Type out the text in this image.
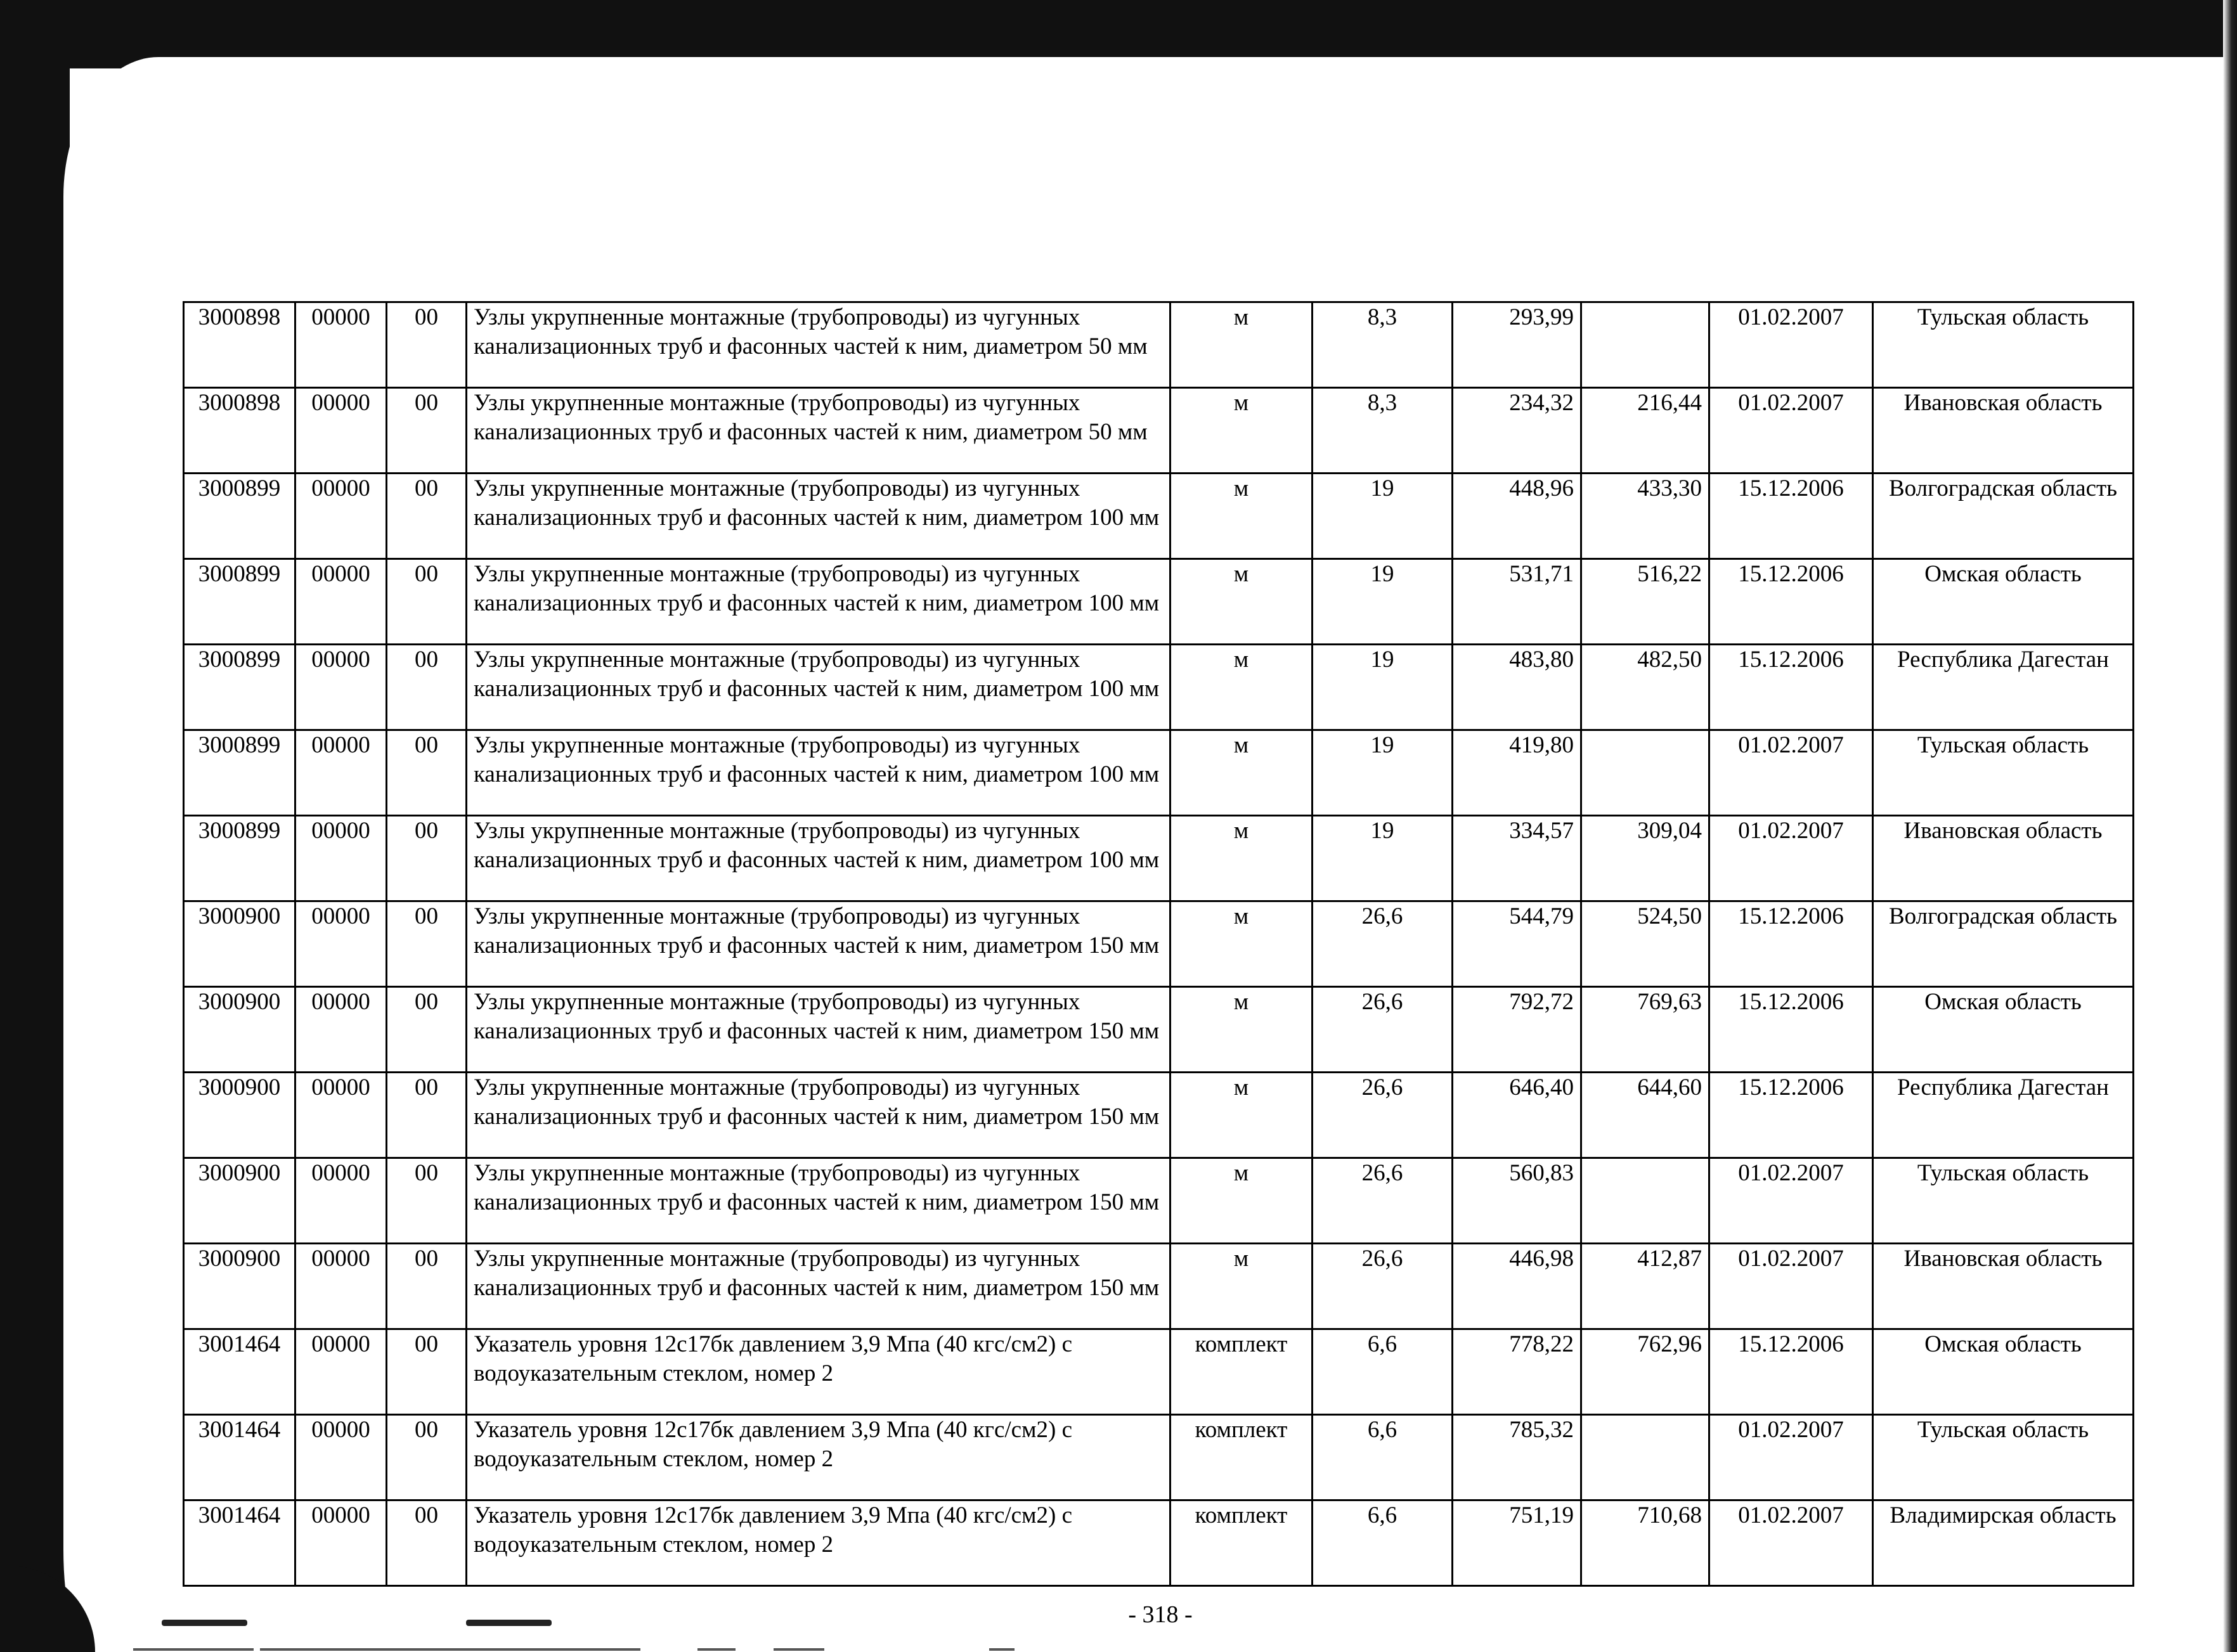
3000898	00000	00	Узлы укрупненные монтажные (трубопроводы) из чугунных канализационных труб и фасонных частей к ним, диаметром 50 мм	м	8,3	293,99		01.02.2007	Тульская область
3000898	00000	00	Узлы укрупненные монтажные (трубопроводы) из чугунных канализационных труб и фасонных частей к ним, диаметром 50 мм	м	8,3	234,32	216,44	01.02.2007	Ивановская область
3000899	00000	00	Узлы укрупненные монтажные (трубопроводы) из чугунных канализационных труб и фасонных частей к ним, диаметром 100 мм	м	19	448,96	433,30	15.12.2006	Волгоградская область
3000899	00000	00	Узлы укрупненные монтажные (трубопроводы) из чугунных канализационных труб и фасонных частей к ним, диаметром 100 мм	м	19	531,71	516,22	15.12.2006	Омская область
3000899	00000	00	Узлы укрупненные монтажные (трубопроводы) из чугунных канализационных труб и фасонных частей к ним, диаметром 100 мм	м	19	483,80	482,50	15.12.2006	Республика Дагестан
3000899	00000	00	Узлы укрупненные монтажные (трубопроводы) из чугунных канализационных труб и фасонных частей к ним, диаметром 100 мм	м	19	419,80		01.02.2007	Тульская область
3000899	00000	00	Узлы укрупненные монтажные (трубопроводы) из чугунных канализационных труб и фасонных частей к ним, диаметром 100 мм	м	19	334,57	309,04	01.02.2007	Ивановская область
3000900	00000	00	Узлы укрупненные монтажные (трубопроводы) из чугунных канализационных труб и фасонных частей к ним, диаметром 150 мм	м	26,6	544,79	524,50	15.12.2006	Волгоградская область
3000900	00000	00	Узлы укрупненные монтажные (трубопроводы) из чугунных канализационных труб и фасонных частей к ним, диаметром 150 мм	м	26,6	792,72	769,63	15.12.2006	Омская область
3000900	00000	00	Узлы укрупненные монтажные (трубопроводы) из чугунных канализационных труб и фасонных частей к ним, диаметром 150 мм	м	26,6	646,40	644,60	15.12.2006	Республика Дагестан
3000900	00000	00	Узлы укрупненные монтажные (трубопроводы) из чугунных канализационных труб и фасонных частей к ним, диаметром 150 мм	м	26,6	560,83		01.02.2007	Тульская область
3000900	00000	00	Узлы укрупненные монтажные (трубопроводы) из чугунных канализационных труб и фасонных частей к ним, диаметром 150 мм	м	26,6	446,98	412,87	01.02.2007	Ивановская область
3001464	00000	00	Указатель уровня 12с17бк давлением 3,9 Мпа (40 кгс/см2) с водоуказательным стеклом, номер 2	комплект	6,6	778,22	762,96	15.12.2006	Омская область
3001464	00000	00	Указатель уровня 12с17бк давлением 3,9 Мпа (40 кгс/см2) с водоуказательным стеклом, номер 2	комплект	6,6	785,32		01.02.2007	Тульская область
3001464	00000	00	Указатель уровня 12с17бк давлением 3,9 Мпа (40 кгс/см2) с водоуказательным стеклом, номер 2	комплект	6,6	751,19	710,68	01.02.2007	Владимирская область
- 318 -
